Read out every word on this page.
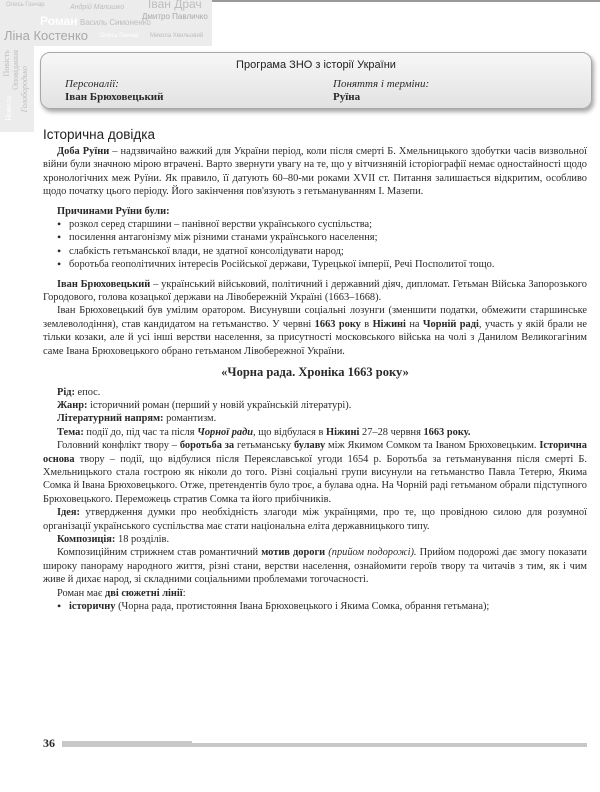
Олесь Гончар	Андрій Малишко Іван Драч
Дмитро Павличко
Роман Василь Симоненко
Ліна Костенко Олесь Гончар Микола Хвильовий
Повість Оповідання Голобородько
Новела
Програма ЗНО з історії України
Персоналії:
Іван Брюховецький
Поняття і терміни:
Руїна
Історична довідка

Доба Руїни – надзвичайно важкий для України період, коли після смерті Б. Хмельницького здобутки часів визвольної війни були значною мірою втрачені. Варто звернути увагу на те, що у вітчизняній історіографії немає одностайності щодо хронологічних меж Руїни. Як правило, її датують 60–80-ми роками XVII ст. Питання залишається відкритим, особливо щодо початку цього періоду. Його закінчення пов'язують з гетьмануванням І. Мазепи.

Причинами Руїни були:

• розкол серед старшини – панівної верстви українського суспільства;
• посилення антагонізму між різними станами українського населення;
• слабкість гетьманської влади, не здатної консолідувати народ;
• боротьба геополітичних інтересів Російської держави, Турецької імперії, Речі Посполитої тощо.

Іван Брюховецький – український військовий, політичний і державний діяч, дипломат. Гетьман Війська Запорозького Городового, голова козацької держави на Лівобережній Україні (1663–1668).

Іван Брюховецький був умілим оратором. Висунувши соціальні лозунги (зменшити податки, обмежити старшинське землеволодіння), став кандидатом на гетьманство. У червні 1663 року в Ніжині на Чорній раді, участь у якій брали не тільки козаки, але й усі інші верстви населення, за присутності московського війська на чолі з Данилом Великогагіним саме Івана Брюховецького обрано гетьманом Лівобережної України.

«Чорна рада. Хроніка 1663 року»

Рід: епос.

Жанр: історичний роман (перший у новій українській літературі).

Літературний напрям: романтизм.

Тема: події до, під час та після Чорної ради, що відбулася в Ніжині 27–28 червня 1663 року.

Головний конфлікт твору – боротьба за гетьманську булаву між Якимом Сомком та Іваном Брюховецьким. Історична основа твору – події, що відбулися після Переяславської угоди 1654 р. Боротьба за гетьманування після смерті Б. Хмельницького стала гострою як ніколи до того. Різні соціальні групи висунули на гетьманство Павла Тетерю, Якима Сомка й Івана Брюховецького. Отже, претендентів було троє, а булава одна. На Чорній раді гетьманом обрали підступного Брюховецького. Переможець стратив Сомка та його прибічників.

Ідея: утвердження думки про необхідність злагоди між українцями, про те, що провідною силою для розумної організації українського суспільства має стати національна еліта державницького типу.

Композиція: 18 розділів.

Композиційним стрижнем став романтичний мотив дороги (прийом подорожі). Прийом подорожі дає змогу показати широку панораму народного життя, різні стани, верстви населення, ознайомити героїв твору та читачів з тим, як і чим живе й дихає народ, зі складними соціальними проблемами тогочасності.

Роман має дві сюжетні лінії:

• історичну (Чорна рада, протистояння Івана Брюховецького і Якима Сомка, обрання гетьмана);
36
